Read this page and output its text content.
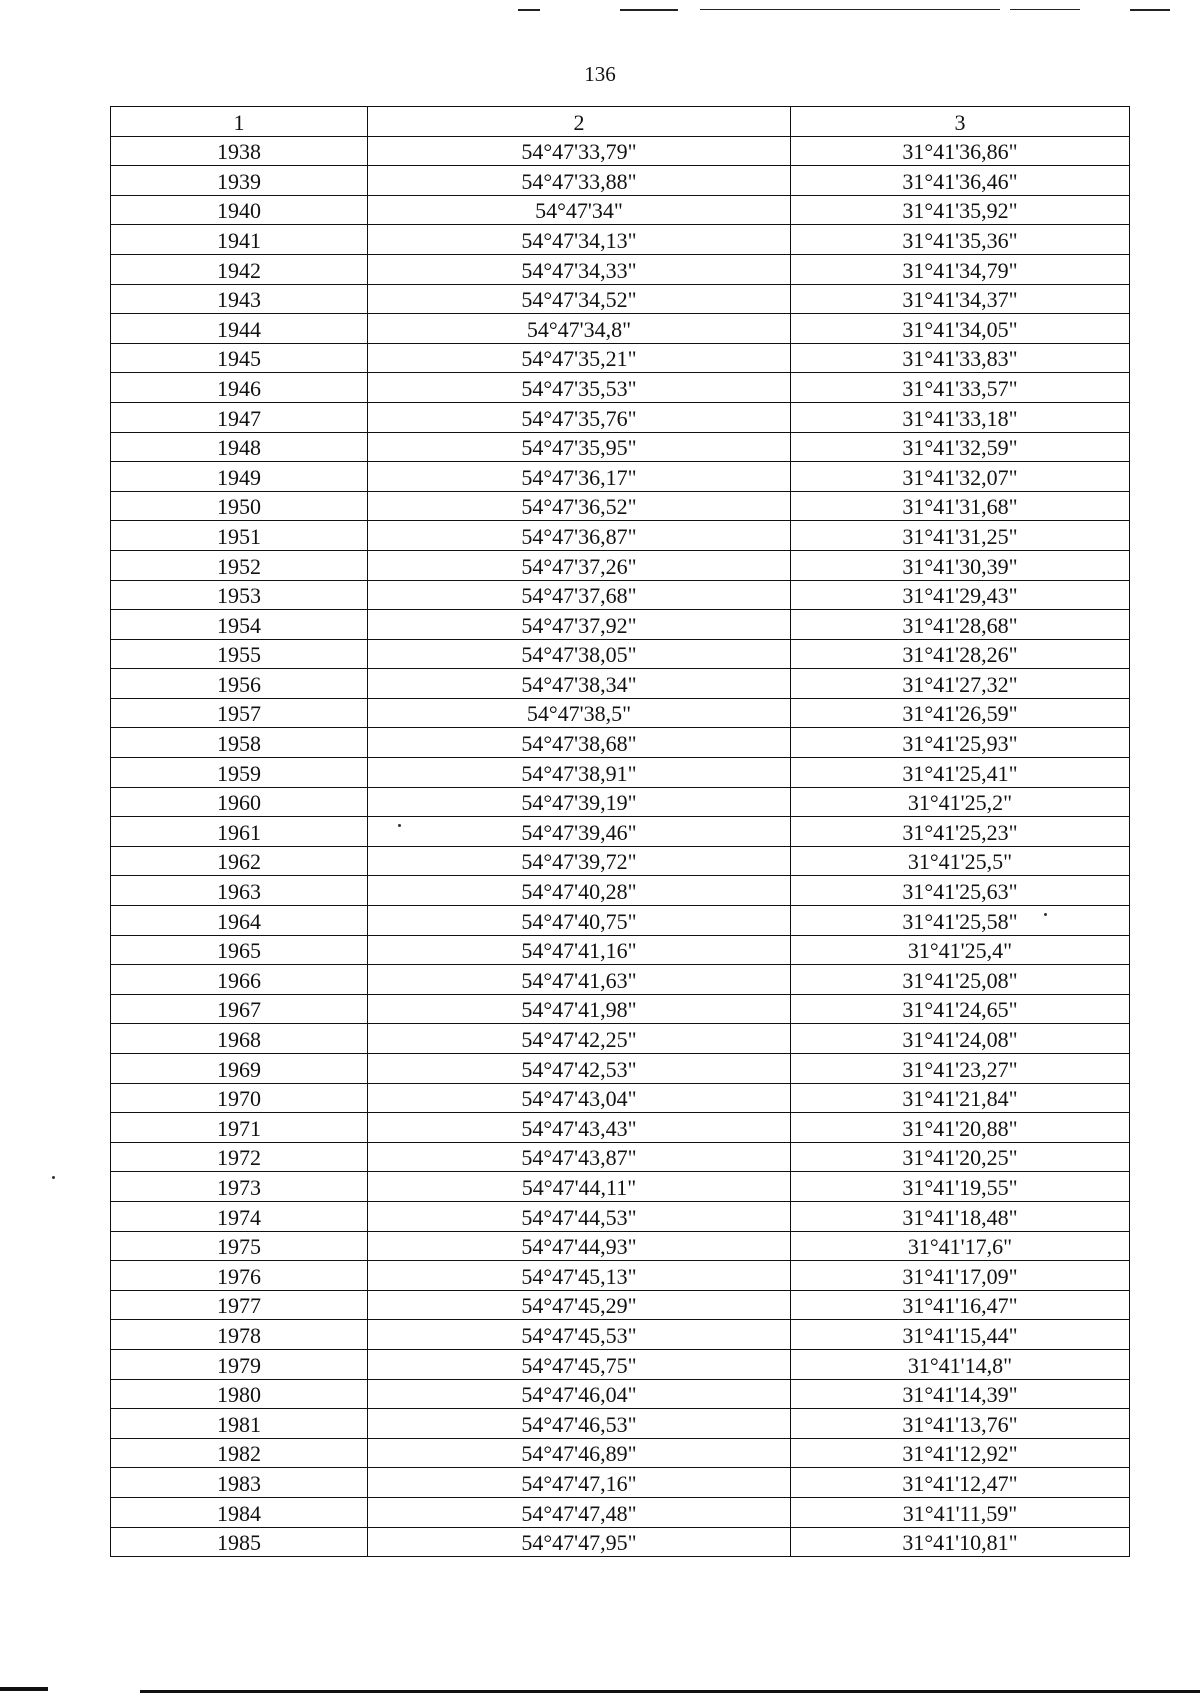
136
1	2	3
1938	54°47'33,79"	31°41'36,86"
1939	54°47'33,88"	31°41'36,46"
1940	54°47'34"	31°41'35,92"
1941	54°47'34,13"	31°41'35,36"
1942	54°47'34,33"	31°41'34,79"
1943	54°47'34,52"	31°41'34,37"
1944	54°47'34,8"	31°41'34,05"
1945	54°47'35,21"	31°41'33,83"
1946	54°47'35,53"	31°41'33,57"
1947	54°47'35,76"	31°41'33,18"
1948	54°47'35,95"	31°41'32,59"
1949	54°47'36,17"	31°41'32,07"
1950	54°47'36,52"	31°41'31,68"
1951	54°47'36,87"	31°41'31,25"
1952	54°47'37,26"	31°41'30,39"
1953	54°47'37,68"	31°41'29,43"
1954	54°47'37,92"	31°41'28,68"
1955	54°47'38,05"	31°41'28,26"
1956	54°47'38,34"	31°41'27,32"
1957	54°47'38,5"	31°41'26,59"
1958	54°47'38,68"	31°41'25,93"
1959	54°47'38,91"	31°41'25,41"
1960	54°47'39,19"	31°41'25,2"
1961	54°47'39,46"	31°41'25,23"
1962	54°47'39,72"	31°41'25,5"
1963	54°47'40,28"	31°41'25,63"
1964	54°47'40,75"	31°41'25,58"
1965	54°47'41,16"	31°41'25,4"
1966	54°47'41,63"	31°41'25,08"
1967	54°47'41,98"	31°41'24,65"
1968	54°47'42,25"	31°41'24,08"
1969	54°47'42,53"	31°41'23,27"
1970	54°47'43,04"	31°41'21,84"
1971	54°47'43,43"	31°41'20,88"
1972	54°47'43,87"	31°41'20,25"
1973	54°47'44,11"	31°41'19,55"
1974	54°47'44,53"	31°41'18,48"
1975	54°47'44,93"	31°41'17,6"
1976	54°47'45,13"	31°41'17,09"
1977	54°47'45,29"	31°41'16,47"
1978	54°47'45,53"	31°41'15,44"
1979	54°47'45,75"	31°41'14,8"
1980	54°47'46,04"	31°41'14,39"
1981	54°47'46,53"	31°41'13,76"
1982	54°47'46,89"	31°41'12,92"
1983	54°47'47,16"	31°41'12,47"
1984	54°47'47,48"	31°41'11,59"
1985	54°47'47,95"	31°41'10,81"
